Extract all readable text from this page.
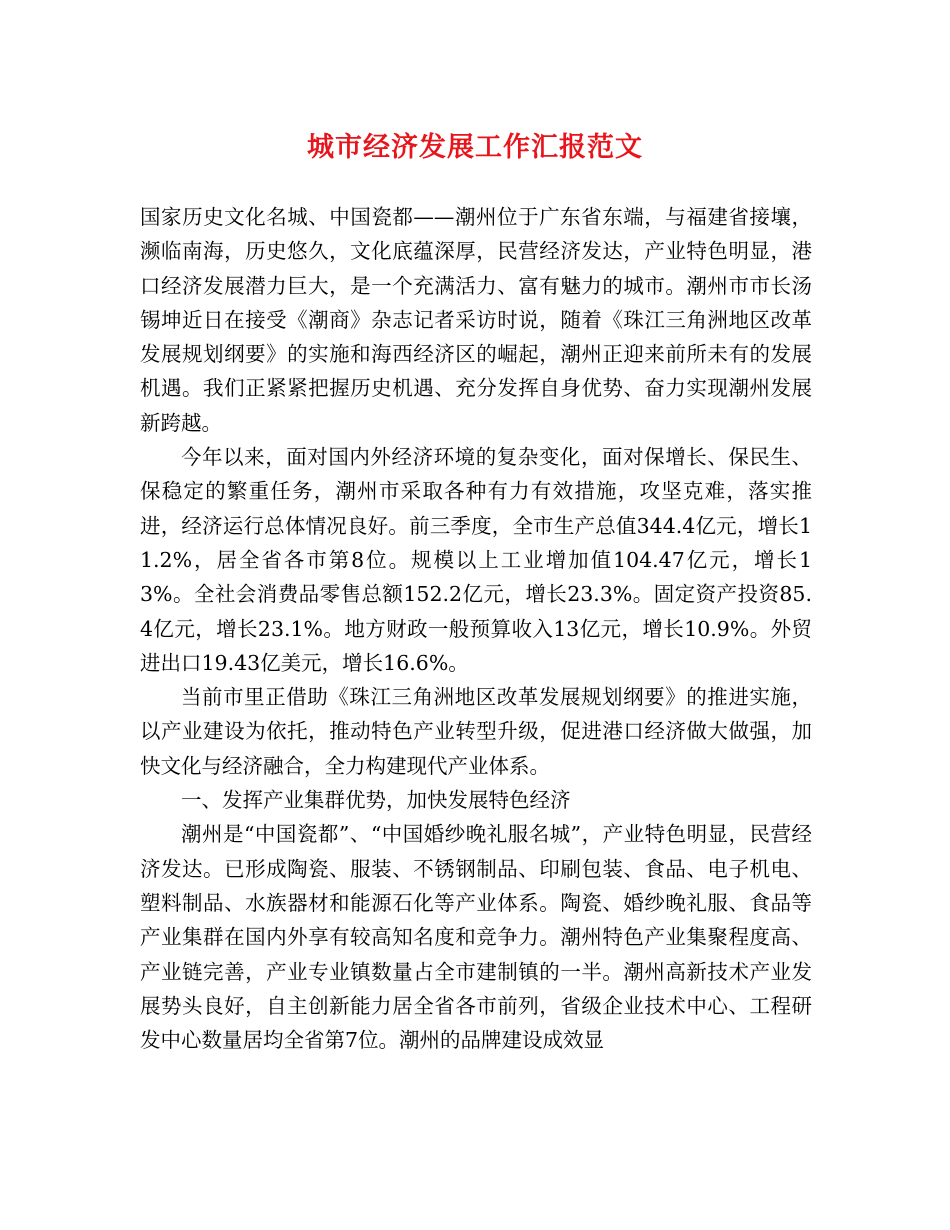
城市经济发展工作汇报范文

国家历史文化名城、中国瓷都——潮州位于广东省东端，与福建省接壤，濒临南海，历史悠久，文化底蕴深厚，民营经济发达，产业特色明显，港口经济发展潜力巨大，是一个充满活力、富有魅力的城市。潮州市市长汤锡坤近日在接受《潮商》杂志记者采访时说，随着《珠江三角洲地区改革发展规划纲要》的实施和海西经济区的崛起，潮州正迎来前所未有的发展机遇。我们正紧紧把握历史机遇、充分发挥自身优势、奋力实现潮州发展新跨越。

今年以来，面对国内外经济环境的复杂变化，面对保增长、保民生、保稳定的繁重任务，潮州市采取各种有力有效措施，攻坚克难，落实推进，经济运行总体情况良好。前三季度，全市生产总值344.4亿元，增长11.2%，居全省各市第8位。规模以上工业增加值104.47亿元，增长13%。全社会消费品零售总额152.2亿元，增长23.3%。固定资产投资85.4亿元，增长23.1%。地方财政一般预算收入13亿元，增长10.9%。外贸进出口19.43亿美元，增长16.6%。

当前市里正借助《珠江三角洲地区改革发展规划纲要》的推进实施，以产业建设为依托，推动特色产业转型升级，促进港口经济做大做强，加快文化与经济融合，全力构建现代产业体系。

一、发挥产业集群优势，加快发展特色经济

潮州是“中国瓷都”、“中国婚纱晚礼服名城”，产业特色明显，民营经济发达。已形成陶瓷、服装、不锈钢制品、印刷包装、食品、电子机电、塑料制品、水族器材和能源石化等产业体系。陶瓷、婚纱晚礼服、食品等产业集群在国内外享有较高知名度和竞争力。潮州特色产业集聚程度高、产业链完善，产业专业镇数量占全市建制镇的一半。潮州高新技术产业发展势头良好，自主创新能力居全省各市前列，省级企业技术中心、工程研发中心数量居均全省第7位。潮州的品牌建设成效显
